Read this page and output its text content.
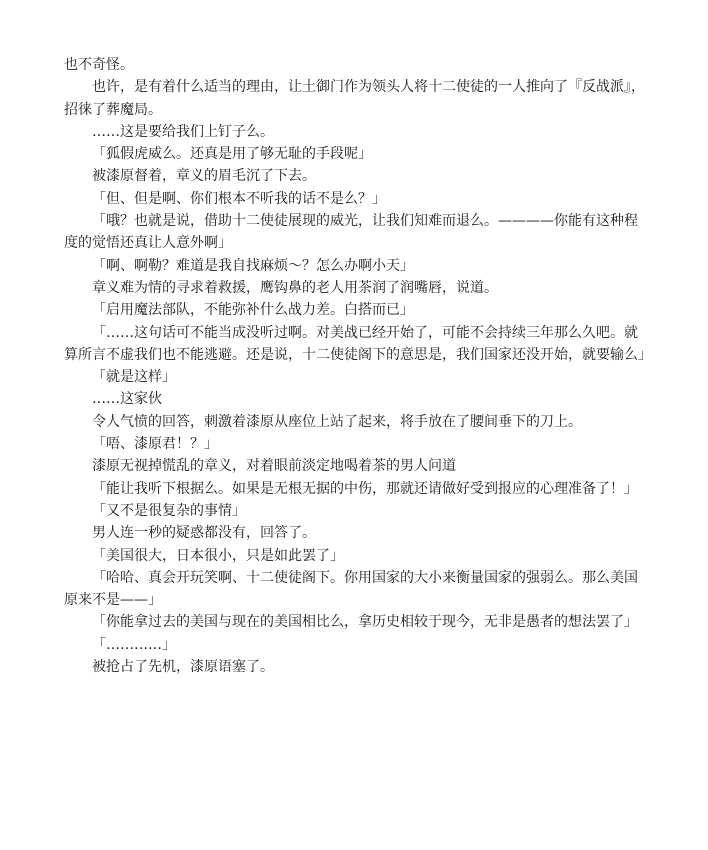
也不奇怪。

也许，是有着什么适当的理由，让土御门作为领头人将十二使徒的一人推向了『反战派』，招徕了葬魔局。

……这是要给我们上钉子么。

「狐假虎威么。还真是用了够无耻的手段呢」

被漆原督着，章义的眉毛沉了下去。

「但、但是啊、你们根本不听我的话不是么？」

「哦？也就是说，借助十二使徒展现的威光，让我们知难而退么。————你能有这种程度的觉悟还真让人意外啊」

「啊、啊勒？难道是我自找麻烦～？怎么办啊小天」

章义难为情的寻求着救援，鹰钩鼻的老人用茶润了润嘴唇，说道。

「启用魔法部队，不能弥补什么战力差。白搭而已」

「……这句话可不能当成没听过啊。对美战已经开始了，可能不会持续三年那么久吧。就算所言不虚我们也不能逃避。还是说，十二使徒阁下的意思是，我们国家还没开始，就要输么」

「就是这样」

……这家伙

令人气愤的回答，刺激着漆原从座位上站了起来，将手放在了腰间垂下的刀上。

「唔、漆原君！？」

漆原无视掉慌乱的章义，对着眼前淡定地喝着茶的男人问道

「能让我听下根据么。如果是无根无据的中伤，那就还请做好受到报应的心理准备了！」

「又不是很复杂的事情」

男人连一秒的疑惑都没有，回答了。

「美国很大，日本很小，只是如此罢了」

「哈哈、真会开玩笑啊、十二使徒阁下。你用国家的大小来衡量国家的强弱么。那么美国原来不是——」

「你能拿过去的美国与现在的美国相比么，拿历史相较于现今，无非是愚者的想法罢了」

「…………」

被抢占了先机，漆原语塞了。
